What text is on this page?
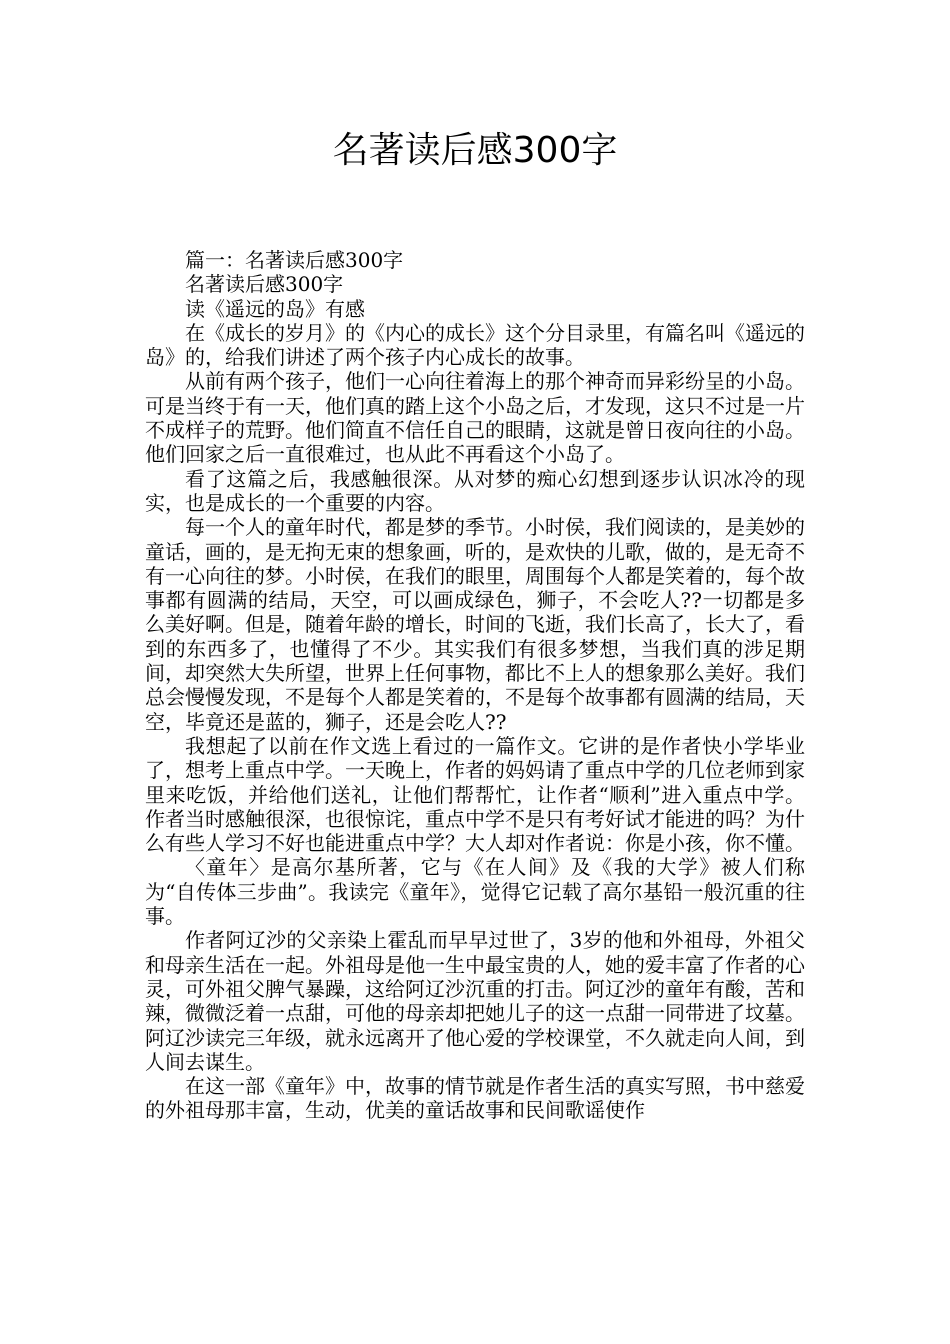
名著读后感300字

篇一：名著读后感300字

名著读后感300字

读《遥远的岛》有感

在《成长的岁月》的《内心的成长》这个分目录里，有篇名叫《遥远的岛》的，给我们讲述了两个孩子内心成长的故事。

从前有两个孩子，他们一心向往着海上的那个神奇而异彩纷呈的小岛。可是当终于有一天，他们真的踏上这个小岛之后，才发现，这只不过是一片不成样子的荒野。他们简直不信任自己的眼睛，这就是曾日夜向往的小岛。他们回家之后一直很难过，也从此不再看这个小岛了。

看了这篇之后，我感触很深。从对梦的痴心幻想到逐步认识冰冷的现实，也是成长的一个重要的内容。

每一个人的童年时代，都是梦的季节。小时侯，我们阅读的，是美妙的童话，画的，是无拘无束的想象画，听的，是欢快的儿歌，做的，是无奇不有一心向往的梦。小时侯，在我们的眼里，周围每个人都是笑着的，每个故事都有圆满的结局，天空，可以画成绿色，狮子，不会吃人??一切都是多么美好啊。但是，随着年龄的增长，时间的飞逝，我们长高了，长大了，看到的东西多了，也懂得了不少。其实我们有很多梦想，当我们真的涉足期间，却突然大失所望，世界上任何事物，都比不上人的想象那么美好。我们总会慢慢发现，不是每个人都是笑着的，不是每个故事都有圆满的结局，天空，毕竟还是蓝的，狮子，还是会吃人??

我想起了以前在作文选上看过的一篇作文。它讲的是作者快小学毕业了，想考上重点中学。一天晚上，作者的妈妈请了重点中学的几位老师到家里来吃饭，并给他们送礼，让他们帮帮忙，让作者“顺利”进入重点中学。作者当时感触很深，也很惊诧，重点中学不是只有考好试才能进的吗？为什么有些人学习不好也能进重点中学？大人却对作者说：你是小孩，你不懂。

〈童年〉是高尔基所著，它与《在人间》及《我的大学》被人们称为“自传体三步曲”。我读完《童年》，觉得它记载了高尔基铅一般沉重的往事。

作者阿辽沙的父亲染上霍乱而早早过世了，3岁的他和外祖母，外祖父和母亲生活在一起。外祖母是他一生中最宝贵的人，她的爱丰富了作者的心灵，可外祖父脾气暴躁，这给阿辽沙沉重的打击。阿辽沙的童年有酸，苦和辣，微微泛着一点甜，可他的母亲却把她儿子的这一点甜一同带进了坟墓。阿辽沙读完三年级，就永远离开了他心爱的学校课堂，不久就走向人间，到人间去谋生。

在这一部《童年》中，故事的情节就是作者生活的真实写照，书中慈爱的外祖母那丰富，生动，优美的童话故事和民间歌谣使作
